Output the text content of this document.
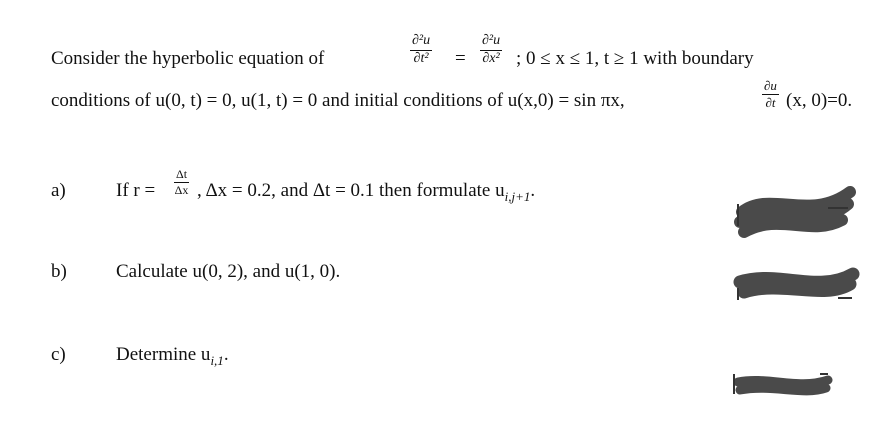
Consider the hyperbolic equation of	$\frac{\text{∂²u}}{\text{∂t²}} = \frac{\text{∂²u}}{\text{∂x²}}$ ; 0 ≤ x ≤ 1, t ≥ 1 with boundary
conditions of u(0, t) = 0, u(1, t) = 0 and initial conditions of u(x,0) = sin πx,	$\frac{\partial u}{\partial t} (x$, 0)=0.
a)	If $r = \frac{\Delta t}{\Delta x}$ , Δx = 0.2, and Δt = 0.1 then formulate $u_{i,j+1}$.
b)	Calculate u(0, 2), and u(1, 0).
c)	Determine $u_{i,1}$.
